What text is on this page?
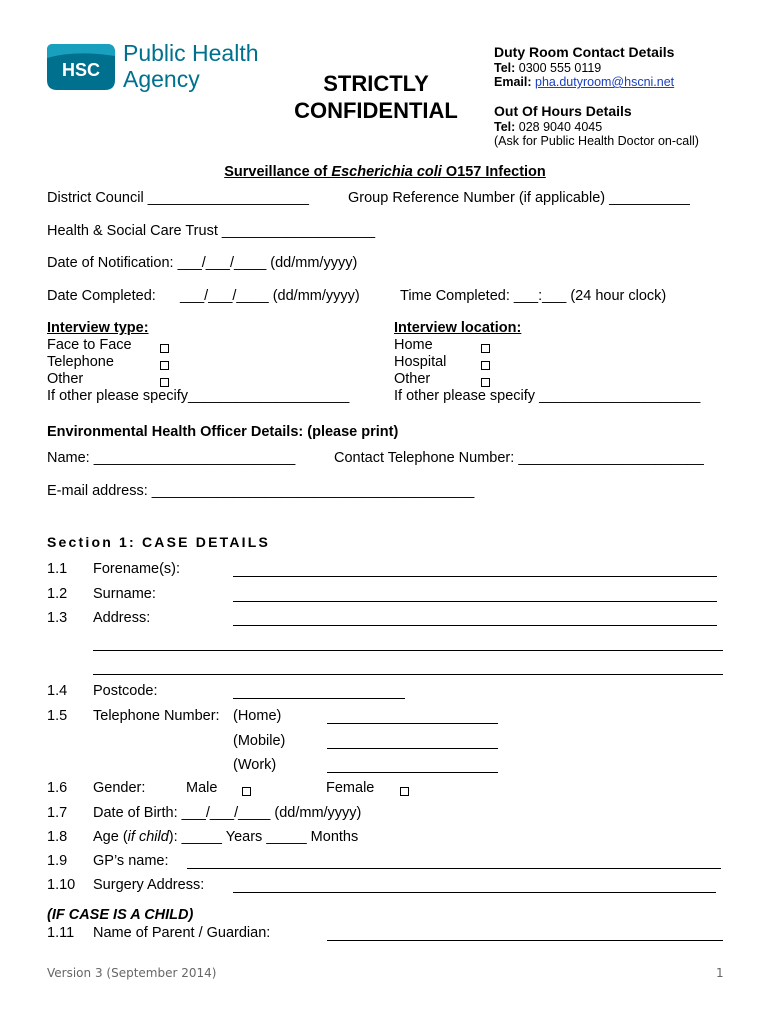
HSC
Public Health
Agency	STRICTLY
CONFIDENTIAL
Duty Room Contact Details
Tel: 0300 555 0119
Email: pha.dutyroom@hscni.net
Out Of Hours Details
Tel: 028 9040 4045
(Ask for Public Health Doctor on-call)
Surveillance of Escherichia coli O157 Infection
District Council ____________________	Group Reference Number (if applicable) __________
Health & Social Care Trust ___________________
Date of Notification: ___/___/____ (dd/mm/yyyy)
Date Completed:      ___/___/____ (dd/mm/yyyy)	Time Completed: ___:___ (24 hour clock)
Interview type:
Face to Face
Telephone
Other
If other please specify____________________
Interview location:
Home
Hospital
Other
If other please specify ____________________
Environmental Health Officer Details: (please print)
Name: _________________________	Contact Telephone Number: _______________________
E-mail address: ________________________________________
Section 1: CASE DETAILS
1.1 Forename(s):
1.2 Surname:
1.3 Address:
1.4 Postcode:
1.5 Telephone Number: (Home)
(Mobile)
(Work)
1.6 Gender:	Male	Female
1.7 Date of Birth: ___/___/____ (dd/mm/yyyy)
1.8 Age (if child): _____ Years _____ Months
1.9 GP’s name:
1.10 Surgery Address:
(IF CASE IS A CHILD)
1.11 Name of Parent / Guardian:
Version 3 (September 2014)	1
